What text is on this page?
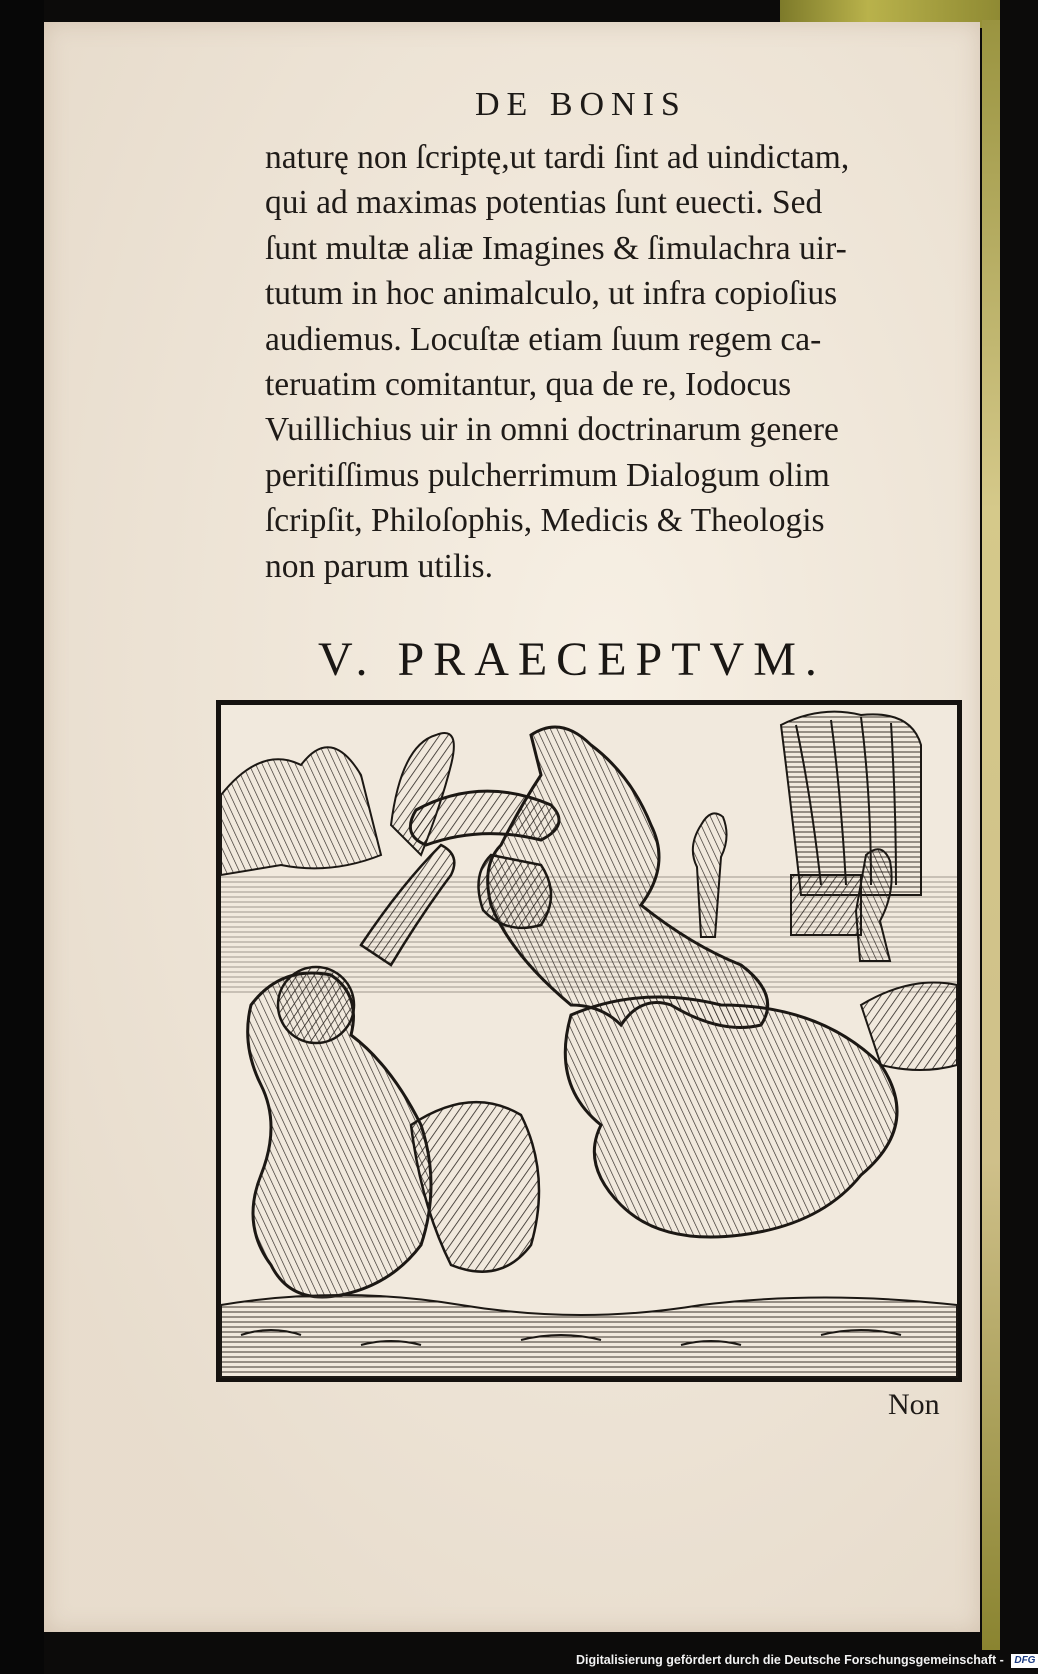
DE BONIS
naturę non ſcriptę,ut tardi ſint ad uindictam,
qui ad maximas potentias ſunt euecti. Sed
ſunt multæ aliæ Imagines & ſimulachra uir-
tutum in hoc animalculo, ut infra copioſius
audiemus. Locuſtæ etiam ſuum regem ca-
teruatim comitantur, qua de re, Iodocus
Vuillichius uir in omni doctrinarum genere
peritiſſimus pulcherrimum Dialogum olim
ſcripſit, Philoſophis, Medicis & Theologis
non parum utilis.
V. PRAECEPTVM.
Non
Digitalisierung gefördert durch die Deutsche Forschungsgemeinschaft - DFG
